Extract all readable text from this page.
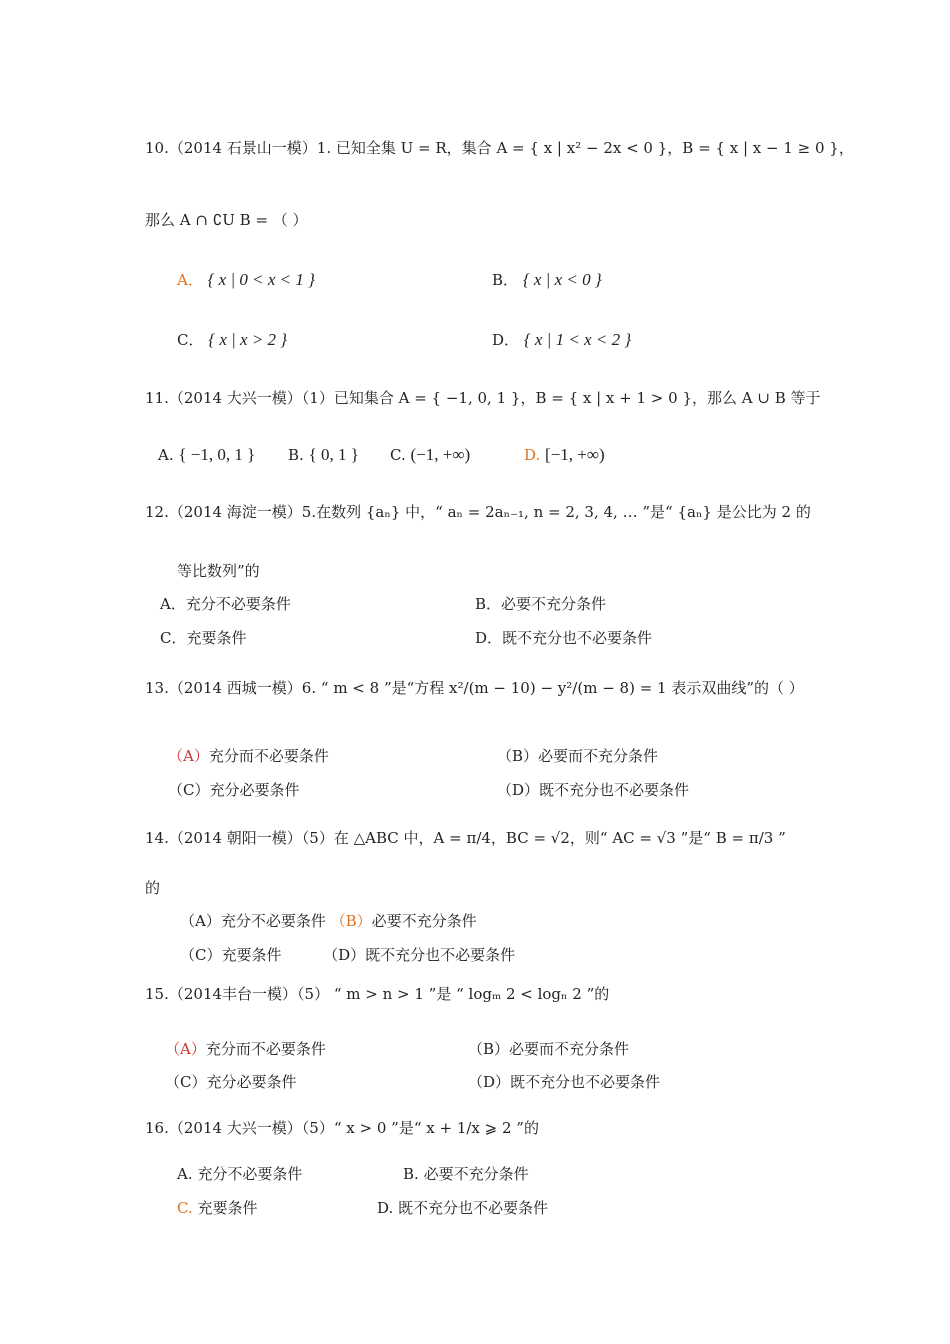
10.（2014 石景山一模）1. 已知全集 U = R，集合 A = { x | x² − 2x < 0 }，B = { x | x − 1 ≥ 0 }，
那么 A ∩ ∁U B = （ ）
A． { x | 0 < x < 1 }	B． { x | x < 0 }
C． { x | x > 2 }	D． { x | 1 < x < 2 }
11.（2014 大兴一模）（1）已知集合 A = { −1, 0, 1 }，B = { x | x + 1 > 0 }，那么 A ∪ B 等于
A. { −1, 0, 1 } B. { 0, 1 } C. (−1, +∞)	D. [−1, +∞)
12.（2014 海淀一模）5.在数列 {aₙ} 中，“ aₙ = 2aₙ₋₁, n = 2, 3, 4, … ”是“ {aₙ} 是公比为 2 的
等比数列”的
A．充分不必要条件	B．必要不充分条件
C．充要条件	D．既不充分也不必要条件
13.（2014 西城一模）6. “ m < 8 ”是“方程 x²/(m − 10) − y²/(m − 8) = 1 表示双曲线”的（ ）
（A）充分而不必要条件	（B）必要而不充分条件
（C）充分必要条件	（D）既不充分也不必要条件
14.（2014 朝阳一模）（5）在 △ABC 中，A = π/4，BC = √2，则“ AC = √3 ”是“ B = π/3 ”
的
（A）充分不必要条件 （B）必要不充分条件
（C）充要条件	（D）既不充分也不必要条件
15.（2014丰台一模）（5） “ m > n > 1 ”是 “ logₘ 2 < logₙ 2 ”的
（A）充分而不必要条件	（B）必要而不充分条件
（C）充分必要条件	（D）既不充分也不必要条件
16.（2014 大兴一模）（5）“ x > 0 ”是“ x + 1/x ⩾ 2 ”的
A. 充分不必要条件	B. 必要不充分条件
C. 充要条件	D. 既不充分也不必要条件
